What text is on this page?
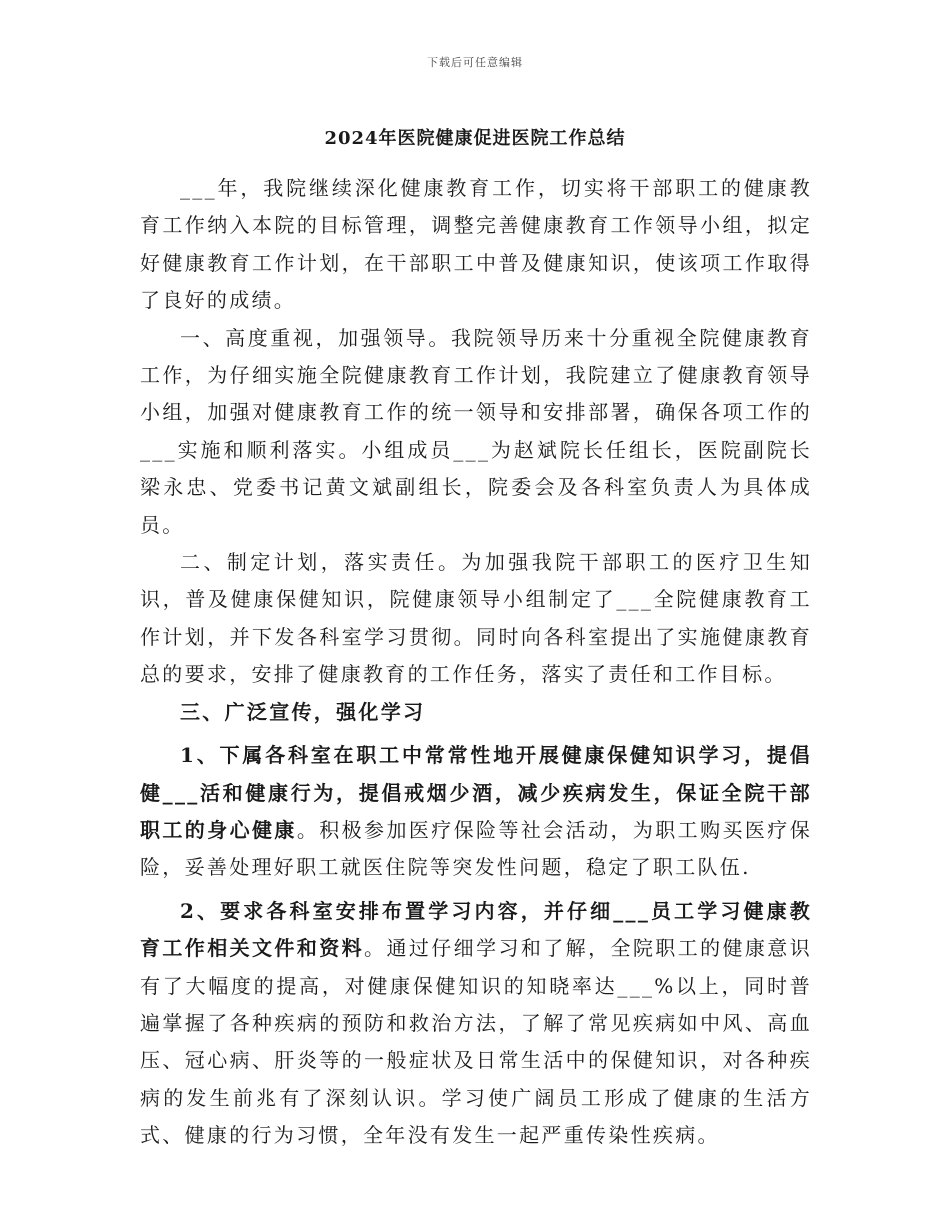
下载后可任意编辑
2024年医院健康促进医院工作总结

___年，我院继续深化健康教育工作，切实将干部职工的健康教育工作纳入本院的目标管理，调整完善健康教育工作领导小组，拟定好健康教育工作计划，在干部职工中普及健康知识，使该项工作取得了良好的成绩。

一、高度重视，加强领导。我院领导历来十分重视全院健康教育工作，为仔细实施全院健康教育工作计划，我院建立了健康教育领导小组，加强对健康教育工作的统一领导和安排部署，确保各项工作的___实施和顺利落实。小组成员___为赵斌院长任组长，医院副院长梁永忠、党委书记黄文斌副组长，院委会及各科室负责人为具体成员。

二、制定计划，落实责任。为加强我院干部职工的医疗卫生知识，普及健康保健知识，院健康领导小组制定了___全院健康教育工作计划，并下发各科室学习贯彻。同时向各科室提出了实施健康教育总的要求，安排了健康教育的工作任务，落实了责任和工作目标。

三、广泛宣传，强化学习

1、下属各科室在职工中常常性地开展健康保健知识学习，提倡健___活和健康行为，提倡戒烟少酒，减少疾病发生，保证全院干部职工的身心健康。积极参加医疗保险等社会活动，为职工购买医疗保险，妥善处理好职工就医住院等突发性问题，稳定了职工队伍.

2、要求各科室安排布置学习内容，并仔细___员工学习健康教育工作相关文件和资料。通过仔细学习和了解，全院职工的健康意识有了大幅度的提高，对健康保健知识的知晓率达___%以上，同时普遍掌握了各种疾病的预防和救治方法，了解了常见疾病如中风、高血压、冠心病、肝炎等的一般症状及日常生活中的保健知识，对各种疾病的发生前兆有了深刻认识。学习使广阔员工形成了健康的生活方式、健康的行为习惯，全年没有发生一起严重传染性疾病。
